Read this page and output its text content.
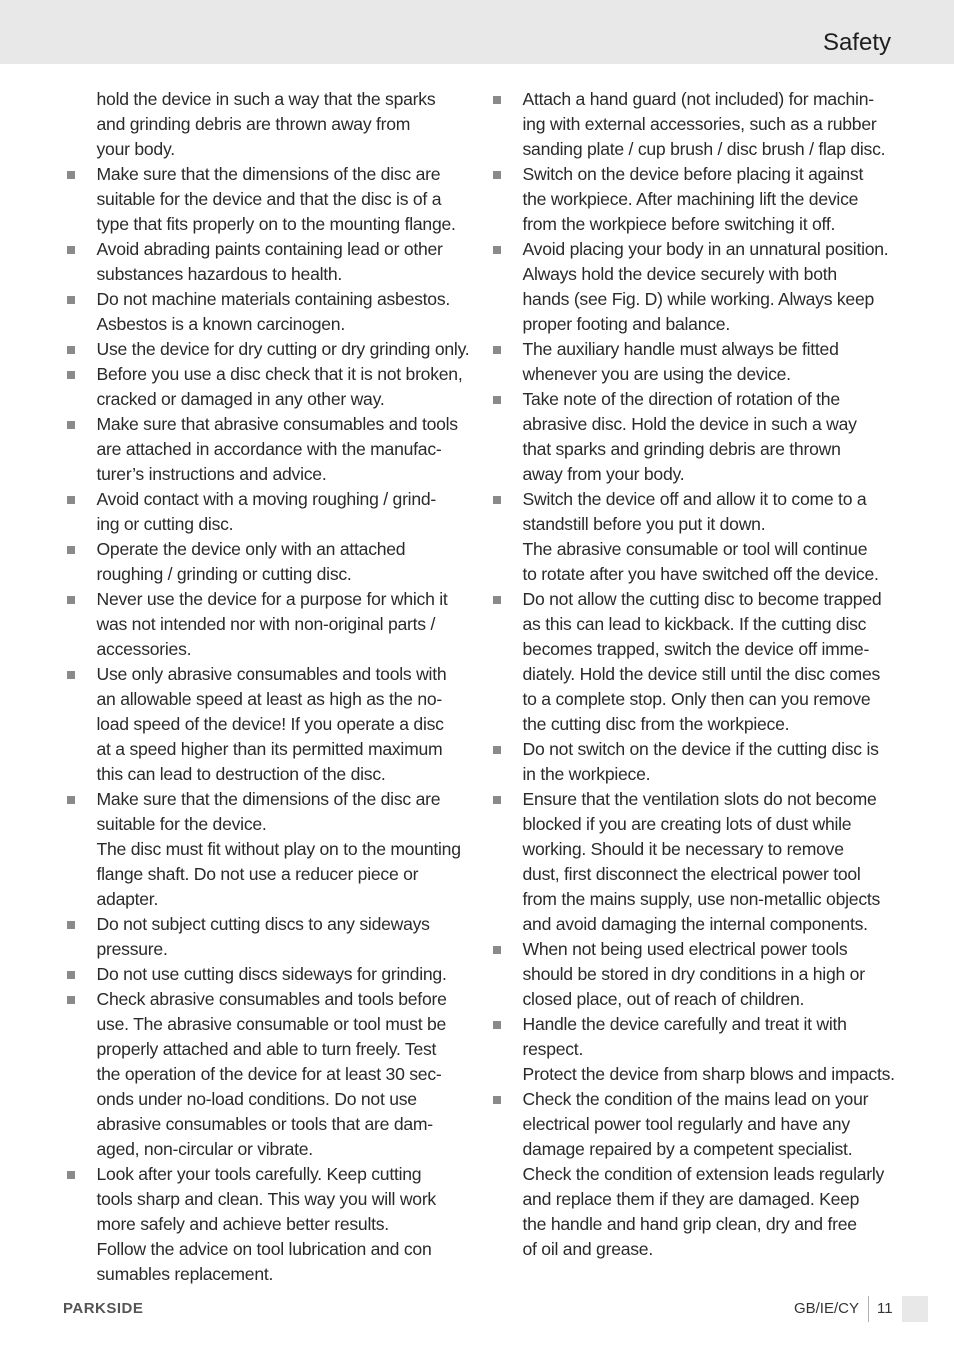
Safety
hold the device in such a way that the sparks
and grinding debris are thrown away from
your body.
Make sure that the dimensions of the disc are
suitable for the device and that the disc is of a
type that fits properly on to the mounting flange.
Avoid abrading paints containing lead or other
substances hazardous to health.
Do not machine materials containing asbestos.
Asbestos is a known carcinogen.
Use the device for dry cutting or dry grinding only.
Before you use a disc check that it is not broken,
cracked or damaged in any other way.
Make sure that abrasive consumables and tools
are attached in accordance with the manufac-
turer’s instructions and advice.
Avoid contact with a moving roughing / grind-
ing or cutting disc.
Operate the device only with an attached
roughing / grinding or cutting disc.
Never use the device for a purpose for which it
was not intended nor with non-original parts /
accessories.
Use only abrasive consumables and tools with
an allowable speed at least as high as the no-
load speed of the device! If you operate a disc
at a speed higher than its permitted maximum
this can lead to destruction of the disc.
Make sure that the dimensions of the disc are
suitable for the device.
The disc must fit without play on to the mounting
flange shaft. Do not use a reducer piece or
adapter.
Do not subject cutting discs to any sideways
pressure.
Do not use cutting discs sideways for grinding.
Check abrasive consumables and tools before
use. The abrasive consumable or tool must be
properly attached and able to turn freely. Test
the operation of the device for at least 30 sec-
onds under no-load conditions. Do not use
abrasive consumables or tools that are dam-
aged, non-circular or vibrate.
Look after your tools carefully. Keep cutting
tools sharp and clean. This way you will work
more safely and achieve better results.
Follow the advice on tool lubrication and con
sumables replacement.
Attach a hand guard (not included) for machin-
ing with external accessories, such as a rubber
sanding plate / cup brush / disc brush / flap disc.
Switch on the device before placing it against
the workpiece. After machining lift the device
from the workpiece before switching it off.
Avoid placing your body in an unnatural position.
Always hold the device securely with both
hands (see Fig. D) while working. Always keep
proper footing and balance.
The auxiliary handle must always be fitted
whenever you are using the device.
Take note of the direction of rotation of the
abrasive disc. Hold the device in such a way
that sparks and grinding debris are thrown
away from your body.
Switch the device off and allow it to come to a
standstill before you put it down.
The abrasive consumable or tool will continue
to rotate after you have switched off the device.
Do not allow the cutting disc to become trapped
as this can lead to kickback. If the cutting disc
becomes trapped, switch the device off imme-
diately. Hold the device still until the disc comes
to a complete stop. Only then can you remove
the cutting disc from the workpiece.
Do not switch on the device if the cutting disc is
in the workpiece.
Ensure that the ventilation slots do not become
blocked if you are creating lots of dust while
working. Should it be necessary to remove
dust, first disconnect the electrical power tool
from the mains supply, use non-metallic objects
and avoid damaging the internal components.
When not being used electrical power tools
should be stored in dry conditions in a high or
closed place, out of reach of children.
Handle the device carefully and treat it with
respect.
Protect the device from sharp blows and impacts.
Check the condition of the mains lead on your
electrical power tool regularly and have any
damage repaired by a competent specialist.
Check the condition of extension leads regularly
and replace them if they are damaged. Keep
the handle and hand grip clean, dry and free
of oil and grease.
PARKSIDE	GB/IE/CY 11
